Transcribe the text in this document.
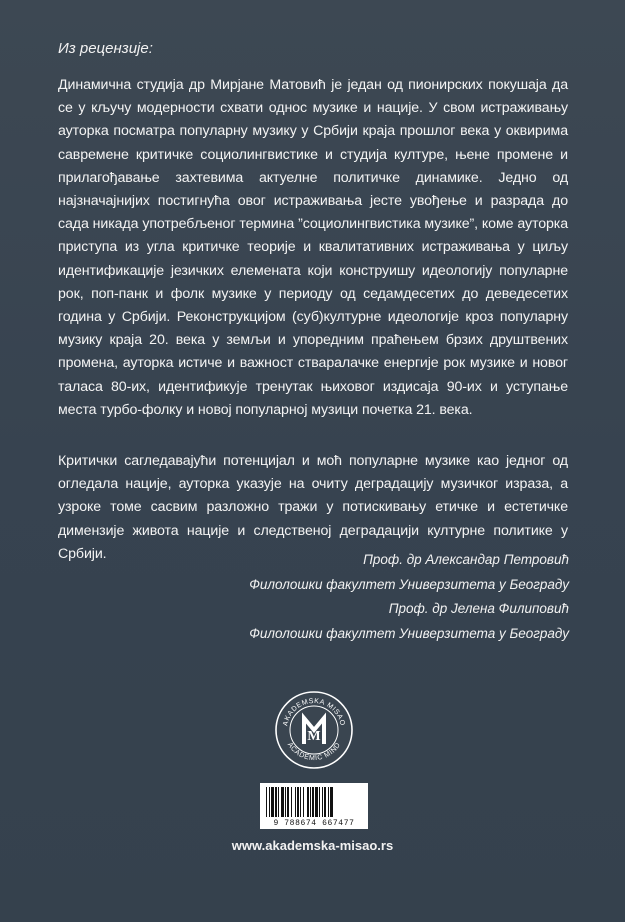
Из рецензије:
Динамична студија др Мирјане Матовић је један од пионирских покушаја да се у кључу модерности схвати однос музике и нације. У свом истраживању ауторка посматра популарну музику у Србији краја прошлог века у оквирима савремене критичке социолингвистике и студија културе, њене промене и прилагођавање захтевима актуелне политичке динамике. Једно од најзначајнијих постигнућа овог истраживања јесте увођење и разрада до сада никада употребљеног термина ”социолингвистика музике”, коме ауторка приступа из угла критичке теорије и квалитативних истраживања у циљу идентификације језичких елемената који конструишу идеологију популарне рок, поп-панк и фолк музике у периоду од седамдесетих до деведесетих година у Србији. Реконструкцијом (суб)културне идеологије кроз популарну музику краја 20. века у земљи и упоредним праћењем брзих друштвених промена, ауторка истиче и важност стваралачке енергије рок музике и новог таласа 80-их, идентификује тренутак њиховог издисаја 90-их и уступање места турбо-фолку и новој популарној музици почетка 21. века.
Критички сагледавајући потенцијал и моћ популарне музике као једног од огледала нације, ауторка указује на очиту деградацију музичког израза, а узроке томе сасвим разложно тражи у потискивању етичке и естетичке димензије живота нације и следственој деградацији културне политике у Србији.	Проф. др Александар Петровић
Филолошки факултет Универзитета у Београду
Проф. др Јелена Филиповић
Филолошки факултет Универзитета у Београду
AKADEMSKA MISAO
ACADEMIC MIND
M
9 788674 667477
www.akademska-misao.rs
